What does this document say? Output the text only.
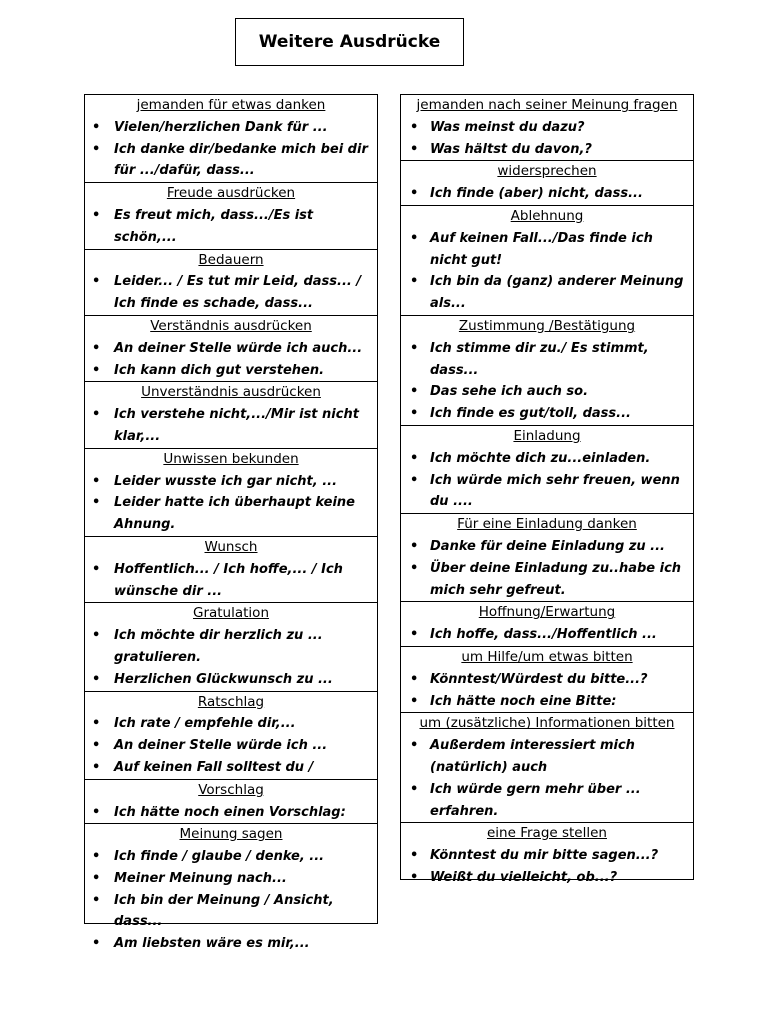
Weitere Ausdrücke
jemanden für etwas danken
• Vielen/herzlichen Dank für ...
• Ich danke dir/bedanke mich bei dir für .../dafür, dass...
Freude ausdrücken
• Es freut mich, dass.../Es ist schön,...
Bedauern
• Leider... / Es tut mir Leid, dass... / Ich finde es schade, dass...
Verständnis ausdrücken
• An deiner Stelle würde ich auch...
• Ich kann dich gut verstehen.
Unverständnis ausdrücken
• Ich verstehe nicht,.../Mir ist nicht klar,...
Unwissen bekunden
• Leider wusste ich gar nicht, ...
• Leider hatte ich überhaupt keine Ahnung.
Wunsch
• Hoffentlich... / Ich hoffe,... / Ich wünsche dir ...
Gratulation
• Ich möchte dir herzlich zu ... gratulieren.
• Herzlichen Glückwunsch zu ...
Ratschlag
• Ich rate / empfehle dir,...
• An deiner Stelle würde ich ...
• Auf keinen Fall solltest du /
Vorschlag
• Ich hätte noch einen Vorschlag:
Meinung sagen
• Ich finde / glaube / denke, ...
• Meiner Meinung nach...
• Ich bin der Meinung / Ansicht, dass...
• Am liebsten wäre es mir,...
jemanden nach seiner Meinung fragen
• Was meinst du dazu?
• Was hältst du davon,?
widersprechen
• Ich finde (aber) nicht, dass...
Ablehnung
• Auf keinen Fall.../Das finde ich nicht gut!
• Ich bin da (ganz) anderer Meinung als...
Zustimmung /Bestätigung
• Ich stimme dir zu./ Es stimmt, dass...
• Das sehe ich auch so.
• Ich finde es gut/toll, dass...
Einladung
• Ich möchte dich zu...einladen.
• Ich würde mich sehr freuen, wenn du ....
Für eine Einladung danken
• Danke für deine Einladung zu ...
• Über deine Einladung zu..habe ich mich sehr gefreut.
Hoffnung/Erwartung
• Ich hoffe, dass.../Hoffentlich ...
um Hilfe/um etwas bitten
• Könntest/Würdest du bitte...?
• Ich hätte noch eine Bitte:
um (zusätzliche) Informationen bitten
• Außerdem interessiert mich (natürlich) auch
• Ich würde gern mehr über ... erfahren.
eine Frage stellen
• Könntest du mir bitte sagen...?
• Weißt du vielleicht, ob...?
